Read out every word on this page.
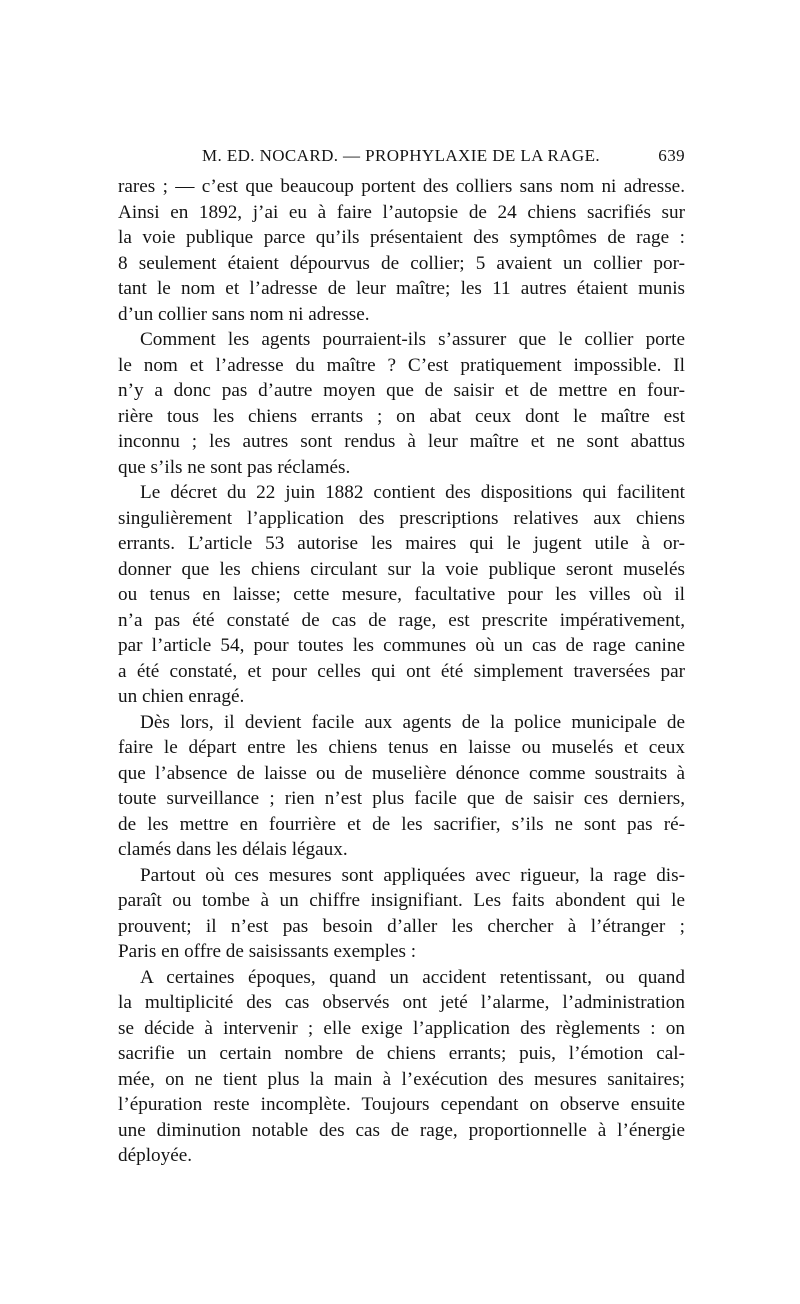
M. ED. NOCARD. — PROPHYLAXIE DE LA RAGE.	639
rares ; — c’est que beaucoup portent des colliers sans nom ni adresse.
Ainsi en 1892, j’ai eu à faire l’autopsie de 24 chiens sacrifiés sur
la voie publique parce qu’ils présentaient des symptômes de rage :
8 seulement étaient dépourvus de collier; 5 avaient un collier por-
tant le nom et l’adresse de leur maître; les 11 autres étaient munis
d’un collier sans nom ni adresse.
Comment les agents pourraient-ils s’assurer que le collier porte
le nom et l’adresse du maître ? C’est pratiquement impossible. Il
n’y a donc pas d’autre moyen que de saisir et de mettre en four-
rière tous les chiens errants ; on abat ceux dont le maître est
inconnu ; les autres sont rendus à leur maître et ne sont abattus
que s’ils ne sont pas réclamés.
Le décret du 22 juin 1882 contient des dispositions qui facilitent
singulièrement l’application des prescriptions relatives aux chiens
errants. L’article 53 autorise les maires qui le jugent utile à or-
donner que les chiens circulant sur la voie publique seront muselés
ou tenus en laisse; cette mesure, facultative pour les villes où il
n’a pas été constaté de cas de rage, est prescrite impérativement,
par l’article 54, pour toutes les communes où un cas de rage canine
a été constaté, et pour celles qui ont été simplement traversées par
un chien enragé.
Dès lors, il devient facile aux agents de la police municipale de
faire le départ entre les chiens tenus en laisse ou muselés et ceux
que l’absence de laisse ou de muselière dénonce comme soustraits à
toute surveillance ; rien n’est plus facile que de saisir ces derniers,
de les mettre en fourrière et de les sacrifier, s’ils ne sont pas ré-
clamés dans les délais légaux.
Partout où ces mesures sont appliquées avec rigueur, la rage dis-
paraît ou tombe à un chiffre insignifiant. Les faits abondent qui le
prouvent; il n’est pas besoin d’aller les chercher à l’étranger ;
Paris en offre de saisissants exemples :
A certaines époques, quand un accident retentissant, ou quand
la multiplicité des cas observés ont jeté l’alarme, l’administration
se décide à intervenir ; elle exige l’application des règlements : on
sacrifie un certain nombre de chiens errants; puis, l’émotion cal-
mée, on ne tient plus la main à l’exécution des mesures sanitaires;
l’épuration reste incomplète. Toujours cependant on observe ensuite
une diminution notable des cas de rage, proportionnelle à l’énergie
déployée.
